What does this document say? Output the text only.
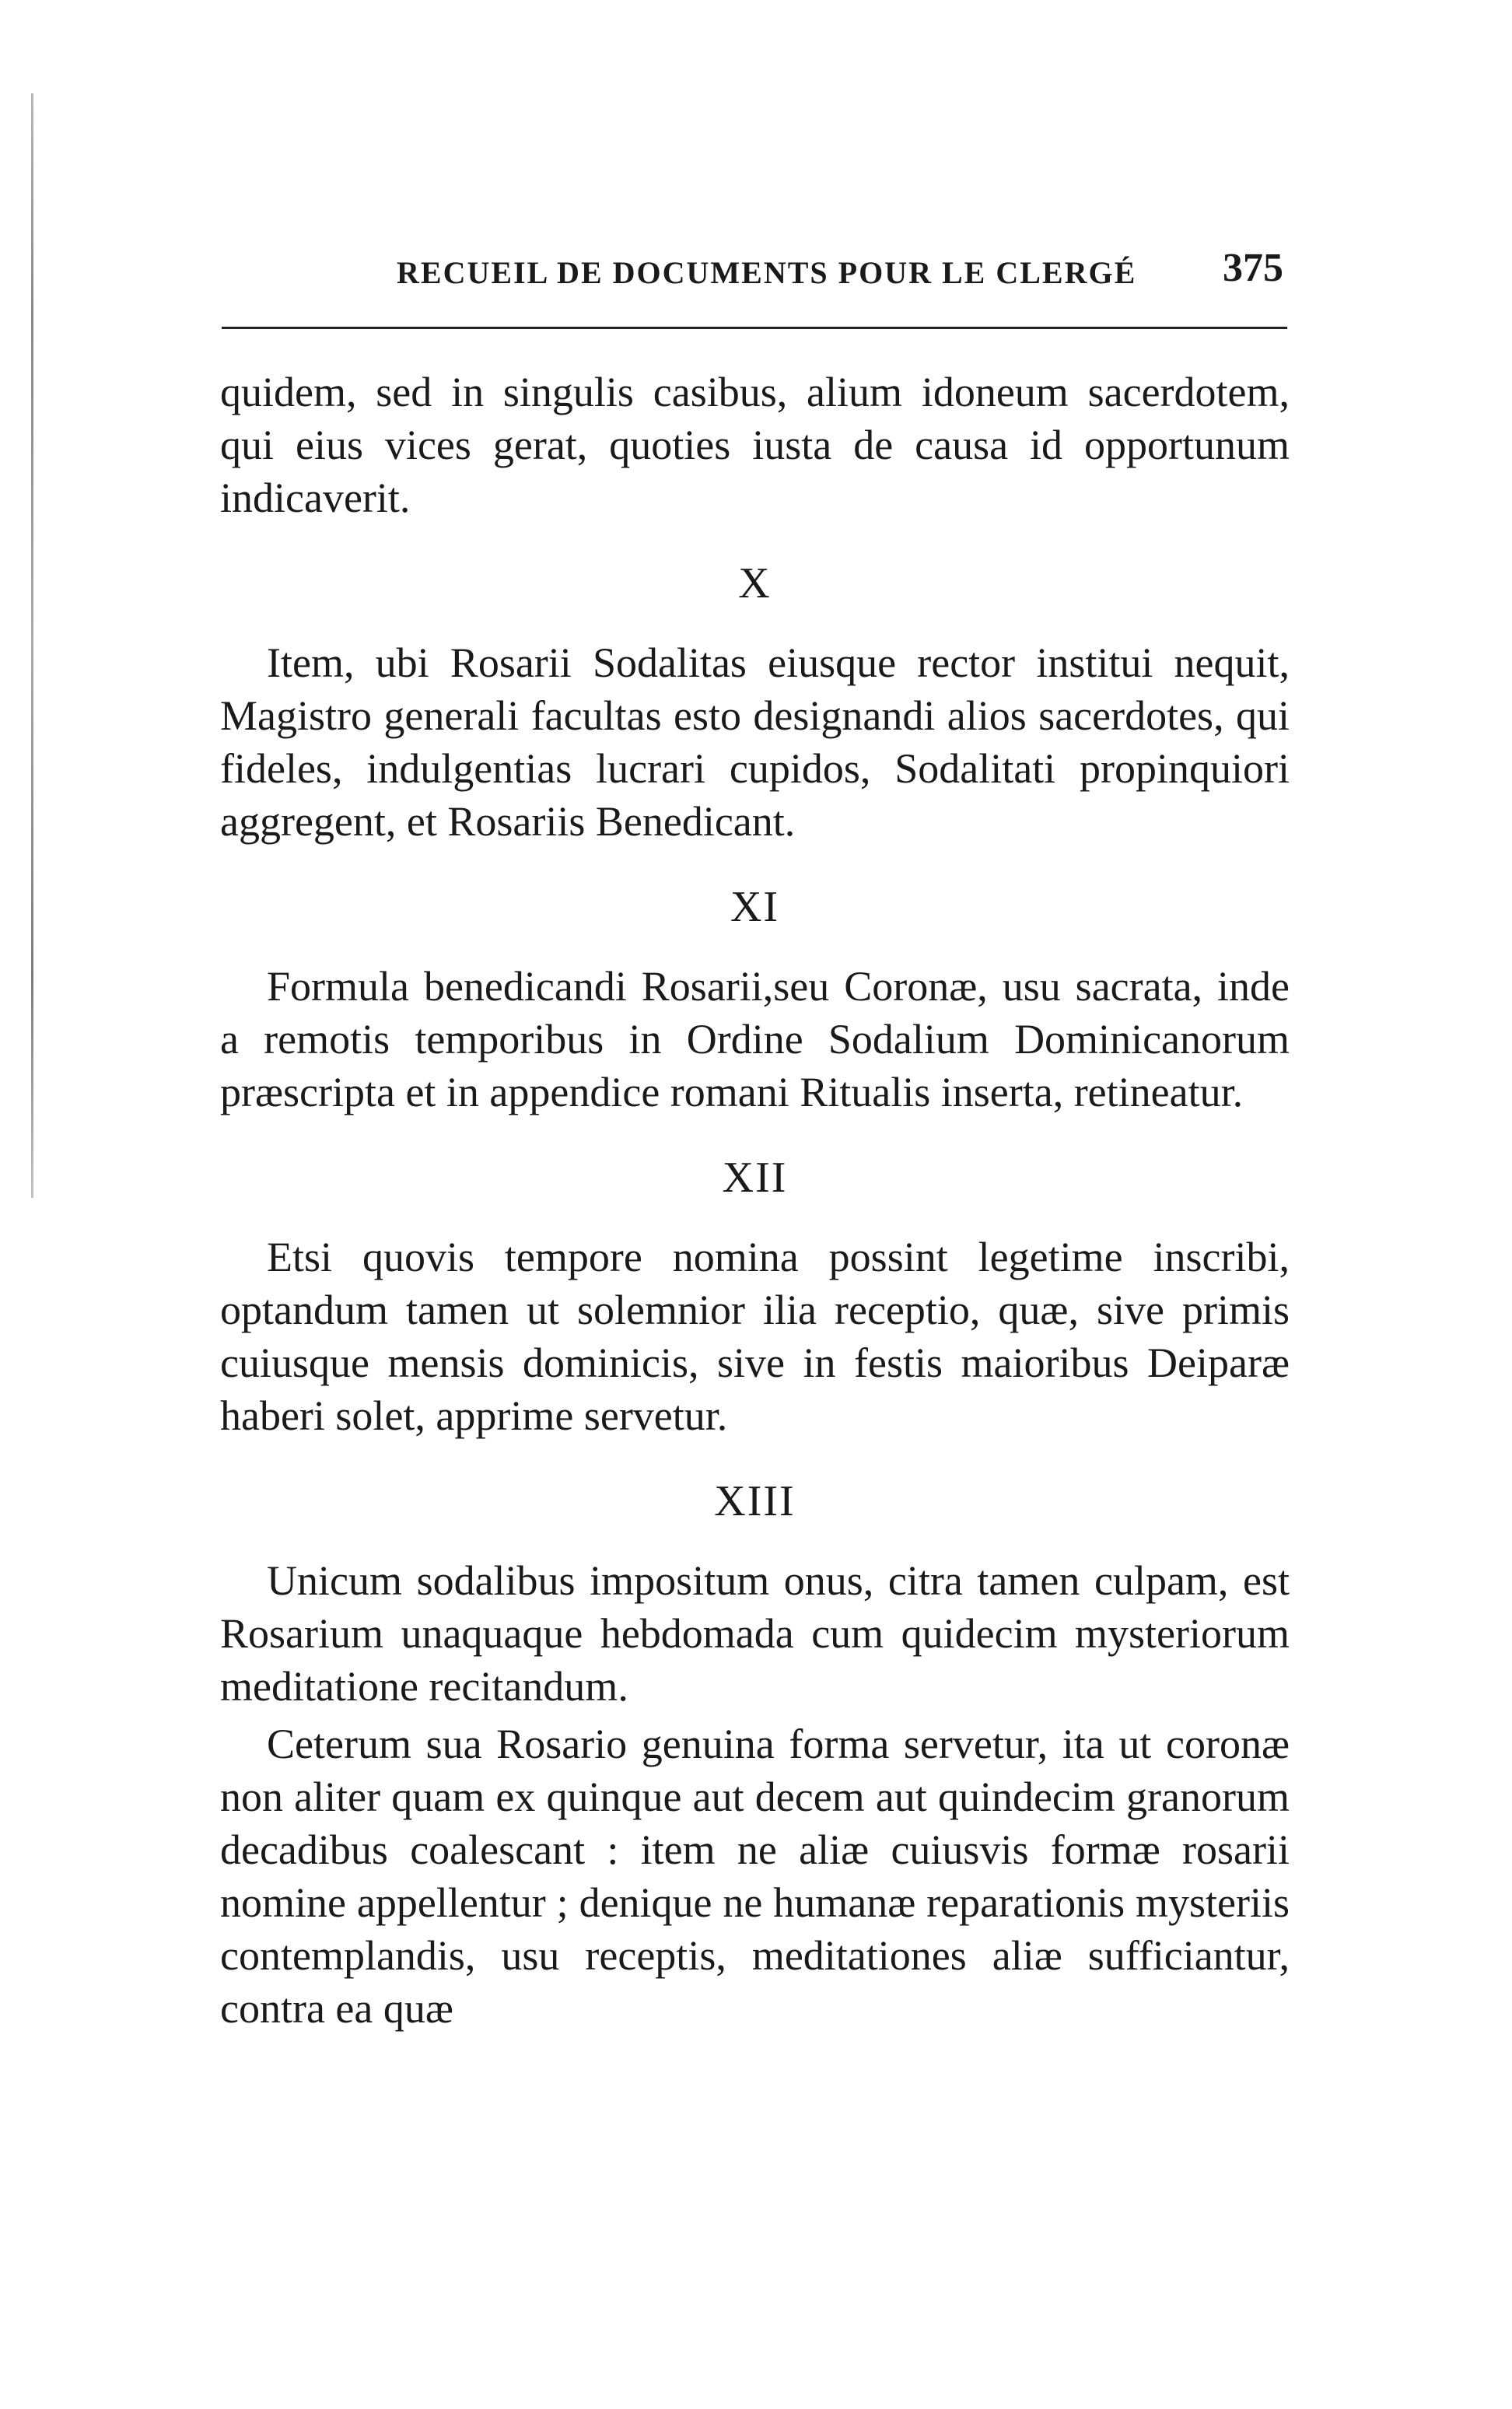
RECUEIL DE DOCUMENTS POUR LE CLERGÉ 375

quidem, sed in singulis casibus, alium idoneum sacerdotem, qui eius vices gerat, quoties iusta de causa id opportunum indicaverit.

X

Item, ubi Rosarii Sodalitas eiusque rector institui nequit, Magistro generali facultas esto designandi alios sacerdotes, qui fideles, indulgentias lucrari cupidos, Sodalitati propinquiori aggregent, et Rosariis Benedicant.

XI

Formula benedicandi Rosarii,seu Coronæ, usu sacrata, inde a remotis temporibus in Ordine Sodalium Dominicanorum præscripta et in appendice romani Ritualis inserta, retineatur.

XII

Etsi quovis tempore nomina possint legetime inscribi, optandum tamen ut solemnior ilia receptio, quæ, sive primis cuiusque mensis dominicis, sive in festis maioribus Deiparæ haberi solet, apprime servetur.

XIII

Unicum sodalibus impositum onus, citra tamen culpam, est Rosarium unaquaque hebdomada cum quidecim mysteriorum meditatione recitandum.

Ceterum sua Rosario genuina forma servetur, ita ut coronæ non aliter quam ex quinque aut decem aut quindecim granorum decadibus coalescant : item ne aliæ cuiusvis formæ rosarii nomine appellentur ; denique ne humanæ reparationis mysteriis contemplandis, usu receptis, meditationes aliæ sufficiantur, contra ea quæ
